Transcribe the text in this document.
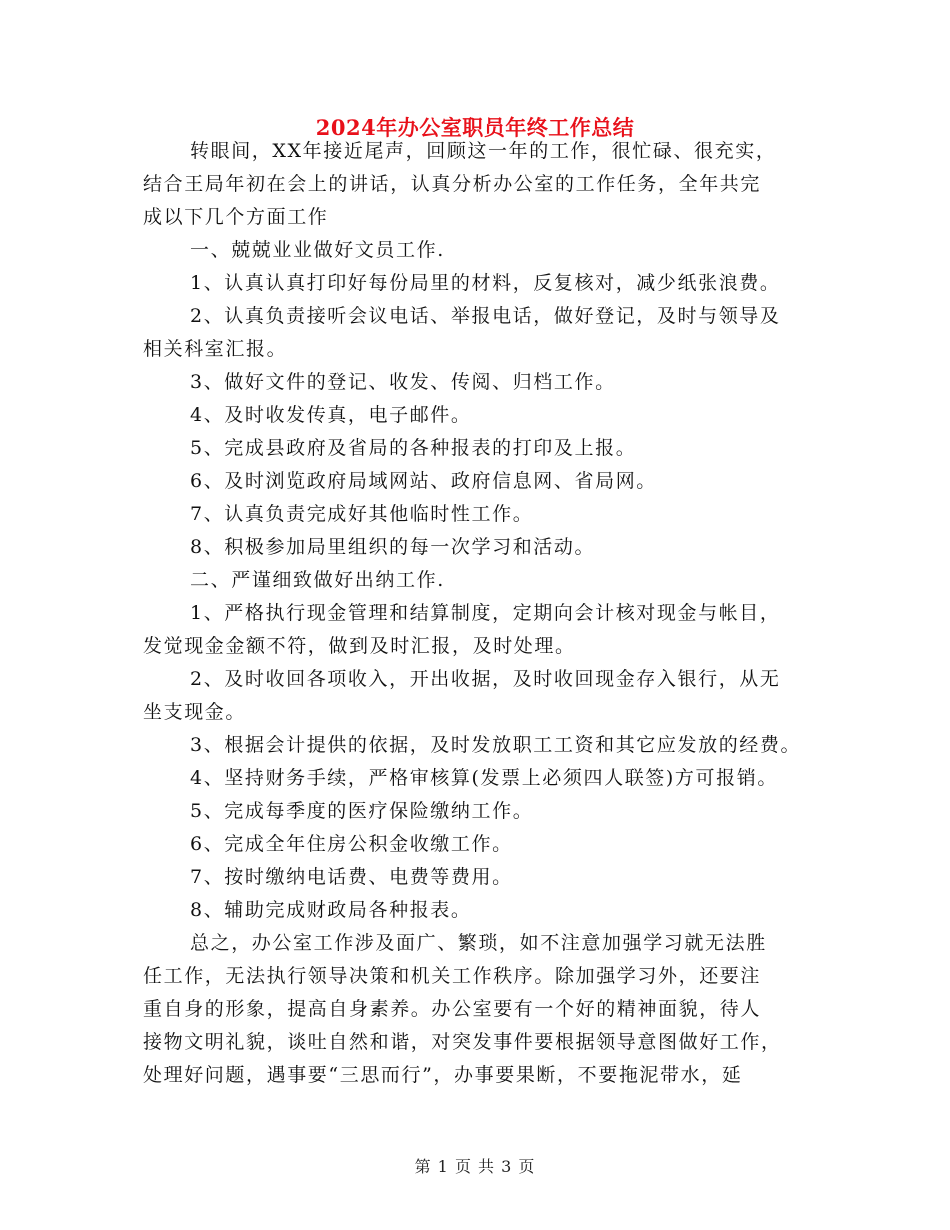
2024年办公室职员年终工作总结
转眼间，XX年接近尾声，回顾这一年的工作，很忙碌、很充实，
结合王局年初在会上的讲话，认真分析办公室的工作任务，全年共完
成以下几个方面工作
一、兢兢业业做好文员工作.
1、认真认真打印好每份局里的材料，反复核对，减少纸张浪费。
2、认真负责接听会议电话、举报电话，做好登记，及时与领导及
相关科室汇报。
3、做好文件的登记、收发、传阅、归档工作。
4、及时收发传真，电子邮件。
5、完成县政府及省局的各种报表的打印及上报。
6、及时浏览政府局域网站、政府信息网、省局网。
7、认真负责完成好其他临时性工作。
8、积极参加局里组织的每一次学习和活动。
二、严谨细致做好出纳工作.
1、严格执行现金管理和结算制度，定期向会计核对现金与帐目，
发觉现金金额不符，做到及时汇报，及时处理。
2、及时收回各项收入，开出收据，及时收回现金存入银行，从无
坐支现金。
3、根据会计提供的依据，及时发放职工工资和其它应发放的经费。
4、坚持财务手续，严格审核算(发票上必须四人联签)方可报销。
5、完成每季度的医疗保险缴纳工作。
6、完成全年住房公积金收缴工作。
7、按时缴纳电话费、电费等费用。
8、辅助完成财政局各种报表。
总之，办公室工作涉及面广、繁琐，如不注意加强学习就无法胜
任工作，无法执行领导决策和机关工作秩序。除加强学习外，还要注
重自身的形象，提高自身素养。办公室要有一个好的精神面貌，待人
接物文明礼貌，谈吐自然和谐，对突发事件要根据领导意图做好工作，
处理好问题，遇事要“三思而行”，办事要果断，不要拖泥带水，延
第 1 页 共 3 页
